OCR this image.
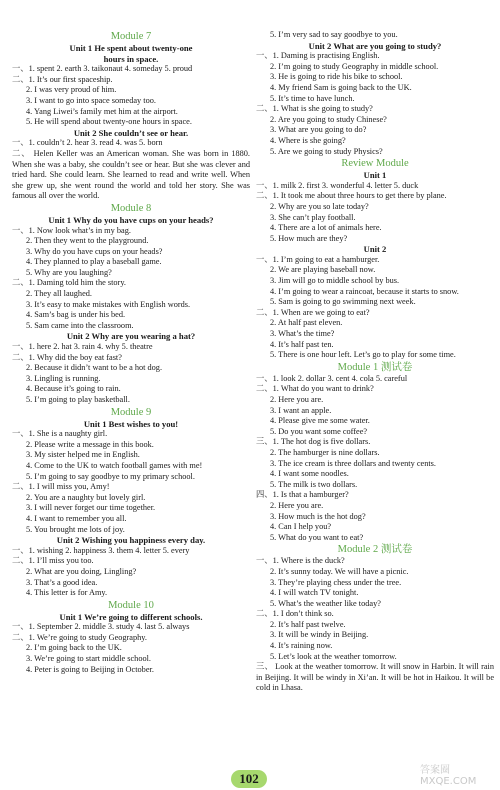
Module 7
Unit 1 He spent about twenty-one
hours in space.
一、1. spent 2. earth 3. taikonaut 4. someday 5. proud
二、1. It’s our first spaceship.
2. I was very proud of him.
3. I want to go into space someday too.
4. Yang Liwei’s family met him at the airport.
5. He will spend about twenty-one hours in space.
Unit 2 She couldn’t see or hear.
一、1. couldn’t 2. hear 3. read 4. was 5. born
二、 Helen Keller was an American woman. She was born in 1880. When she was a baby, she couldn’t see or hear. But she was clever and tried hard. She could learn. She learned to read and write well. When she grew up, she went round the world and told her story. She was famous all over the world.
Module 8
Unit 1 Why do you have cups on your heads?
一、1. Now look what’s in my bag.
2. Then they went to the playground.
3. Why do you have cups on your heads?
4. They planned to play a baseball game.
5. Why are you laughing?
二、1. Daming told him the story.
2. They all laughed.
3. It’s easy to make mistakes with English words.
4. Sam’s bag is under his bed.
5. Sam came into the classroom.
Unit 2 Why are you wearing a hat?
一、1. here 2. hat 3. rain 4. why 5. theatre
二、1. Why did the boy eat fast?
2. Because it didn’t want to be a hot dog.
3. Lingling is running.
4. Because it’s going to rain.
5. I’m going to play basketball.
Module 9
Unit 1 Best wishes to you!
一、1. She is a naughty girl.
2. Please write a message in this book.
3. My sister helped me in English.
4. Come to the UK to watch football games with me!
5. I’m going to say goodbye to my primary school.
二、1. I will miss you, Amy!
2. You are a naughty but lovely girl.
3. I will never forget our time together.
4. I want to remember you all.
5. You brought me lots of joy.
Unit 2 Wishing you happiness every day.
一、1. wishing 2. happiness 3. them 4. letter 5. every
二、1. I’ll miss you too.
2. What are you doing, Lingling?
3. That’s a good idea.
4. This letter is for Amy.
Module 10
Unit 1 We’re going to different schools.
一、1. September 2. middle 3. study 4. last 5. always
二、1. We’re going to study Geography.
2. I’m going back to the UK.
3. We’re going to start middle school.
4. Peter is going to Beijing in October.
5. I’m very sad to say goodbye to you.
Unit 2 What are you going to study?
一、1. Daming is practising English.
2. I’m going to study Geography in middle school.
3. He is going to ride his bike to school.
4. My friend Sam is going back to the UK.
5. It’s time to have lunch.
二、1. What is she going to study?
2. Are you going to study Chinese?
3. What are you going to do?
4. Where is she going?
5. Are we going to study Physics?
Review Module
Unit 1
一、1. milk 2. first 3. wonderful 4. letter 5. duck
二、1. It took me about three hours to get there by plane.
2. Why are you so late today?
3. She can’t play football.
4. There are a lot of animals here.
5. How much are they?
Unit 2
一、1. I’m going to eat a hamburger.
2. We are playing baseball now.
3. Jim will go to middle school by bus.
4. I’m going to wear a raincoat, because it starts to snow.
5. Sam is going to go swimming next week.
二、1. When are we going to eat?
2. At half past eleven.
3. What’s the time?
4. It’s half past ten.
5. There is one hour left. Let’s go to play for some time.
Module 1 测试卷
一、1. look 2. dollar 3. cent 4. cola 5. careful
二、1. What do you want to drink?
2. Here you are.
3. I want an apple.
4. Please give me some water.
5. Do you want some coffee?
三、1. The hot dog is five dollars.
2. The hamburger is nine dollars.
3. The ice cream is three dollars and twenty cents.
4. I want some noodles.
5. The milk is two dollars.
四、1. Is that a hamburger?
2. Here you are.
3. How much is the hot dog?
4. Can I help you?
5. What do you want to eat?
Module 2 测试卷
一、1. Where is the duck?
2. It’s sunny today. We will have a picnic.
3. They’re playing chess under the tree.
4. I will watch TV tonight.
5. What’s the weather like today?
二、1. I don’t think so.
2. It’s half past twelve.
3. It will be windy in Beijing.
4. It’s raining now.
5. Let’s look at the weather tomorrow.
三、 Look at the weather tomorrow. It will snow in Harbin. It will rain in Beijing. It will be windy in Xi’an. It will be hot in Haikou. It will be cold in Lhasa.
102
答案圈 MXQE.COM
